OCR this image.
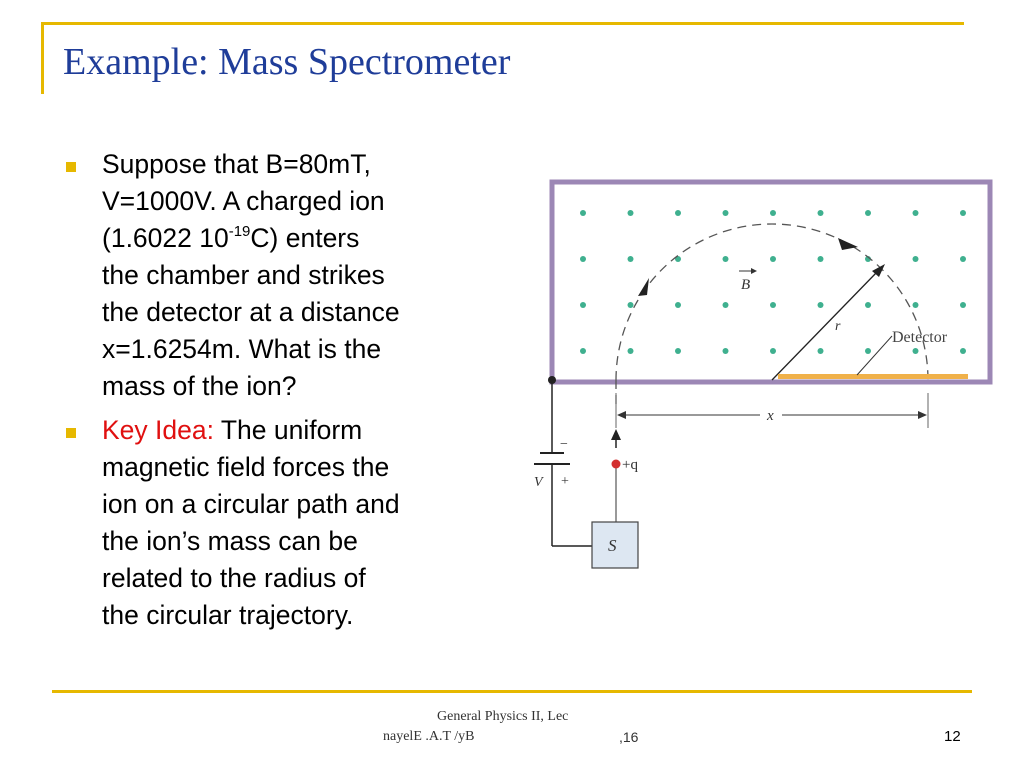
Example: Mass Spectrometer
Suppose that B=80mT,
V=1000V. A charged ion
(1.6022 $10^{-19}C$) enters
the chamber and strikes
the detector at a distance
x=1.6254m. What is the
mass of the ion?
Key Idea: The uniform
magnetic field forces the
ion on a circular path and
the ion’s mass can be
related to the radius of
the circular trajectory.
r
B
Detector
x
+q
−
+
V
S
General Physics II, Lec
nayelE .A.T /yB	,16	12
